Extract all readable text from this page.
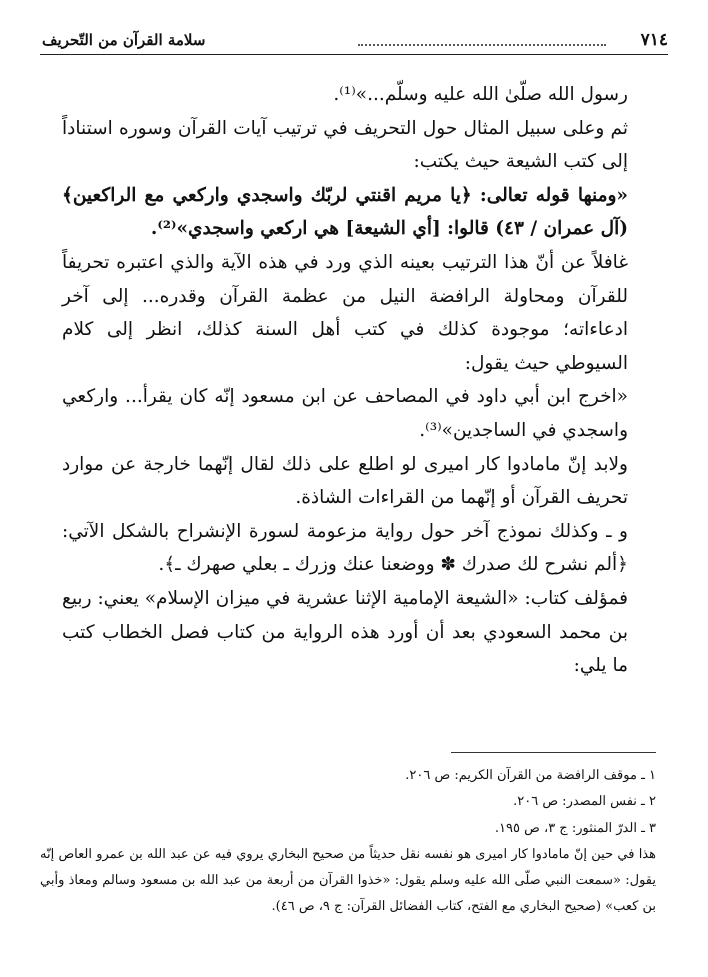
٧١٤
سلامة القرآن من التّحريف

رسول الله صلّىٰ الله عليه وسلّم...»⁽¹⁾.

ثم وعلى سبيل المثال حول التحريف في ترتيب آيات القرآن وسوره استناداً إلى كتب الشيعة حيث يكتب:

«ومنها قوله تعالى: ﴿يا مريم اقنتي لربّك واسجدي واركعي مع الراكعين﴾ (آل عمران / ٤٣) قالوا: [أي الشيعة] هي اركعي واسجدي»⁽²⁾.

غافلاً عن أنّ هذا الترتيب بعينه الذي ورد في هذه الآية والذي اعتبره تحريفاً للقرآن ومحاولة الرافضة النيل من عظمة القرآن وقدره... إلى آخر ادعاءاته؛ موجودة كذلك في كتب أهل السنة كذلك، انظر إلى كلام السيوطي حيث يقول:

«اخرج ابن أبي داود في المصاحف عن ابن مسعود إنّه كان يقرأ... واركعي واسجدي في الساجدين»⁽³⁾.

ولابد إنّ مامادوا كار اميرى لو اطلع على ذلك لقال إنّهما خارجة عن موارد تحريف القرآن أو إنّهما من القراءات الشاذة.

و ـ وكذلك نموذج آخر حول رواية مزعومة لسورة الإنشراح بالشكل الآتي: ﴿ألم نشرح لك صدرك ✽ ووضعنا عنك وزرك ـ بعلي صهرك ـ﴾.

فمؤلف كتاب: «الشيعة الإمامية الإثنا عشرية في ميزان الإسلام» يعني: ربيع بن محمد السعودي بعد أن أورد هذه الرواية من كتاب فصل الخطاب كتب ما يلي:

١ ـ موقف الرافضة من القرآن الكريم: ص ٢٠٦.

٢ ـ نفس المصدر: ص ٢٠٦.

٣ ـ الدرّ المنثور: ج ٣، ص ١٩٥.

هذا في حين إنّ مامادوا كار اميرى هو نفسه نقل حديثاً من صحيح البخاري يروي فيه عن عبد الله بن عمرو العاص إنّه يقول: «سمعت النبي صلّى الله عليه وسلم يقول: «خذوا القرآن من أربعة من عبد الله بن مسعود وسالم ومعاذ وأبي بن كعب» (صحيح البخاري مع الفتح، كتاب الفضائل القرآن: ج ٩، ص ٤٦).
